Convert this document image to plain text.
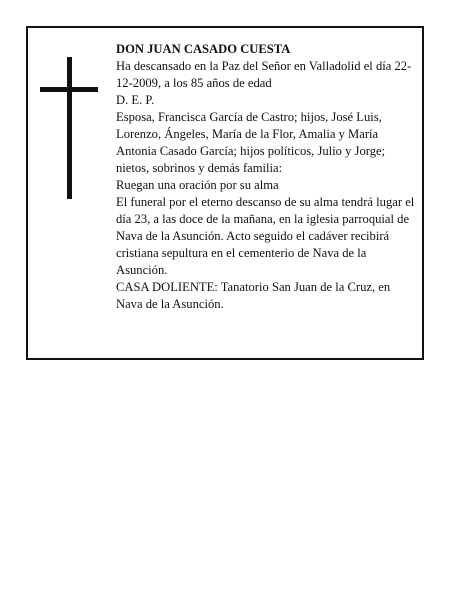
DON JUAN CASADO CUESTA

Ha descansado en la Paz del Señor en Valladolid el día 22-12-2009, a los 85 años de edad

D. E. P.

Esposa, Francisca García de Castro; hijos, José Luis, Lorenzo, Ángeles, María de la Flor, Amalia y María Antonia Casado García; hijos políticos, Julio y Jorge; nietos, sobrinos y demás familia:

Ruegan una oración por su alma

El funeral por el eterno descanso de su alma tendrá lugar el día 23, a las doce de la mañana, en la iglesia parroquial de Nava de la Asunción. Acto seguido el cadáver recibirá cristiana sepultura en el cementerio de Nava de la Asunción.

CASA DOLIENTE: Tanatorio San Juan de la Cruz, en Nava de la Asunción.
